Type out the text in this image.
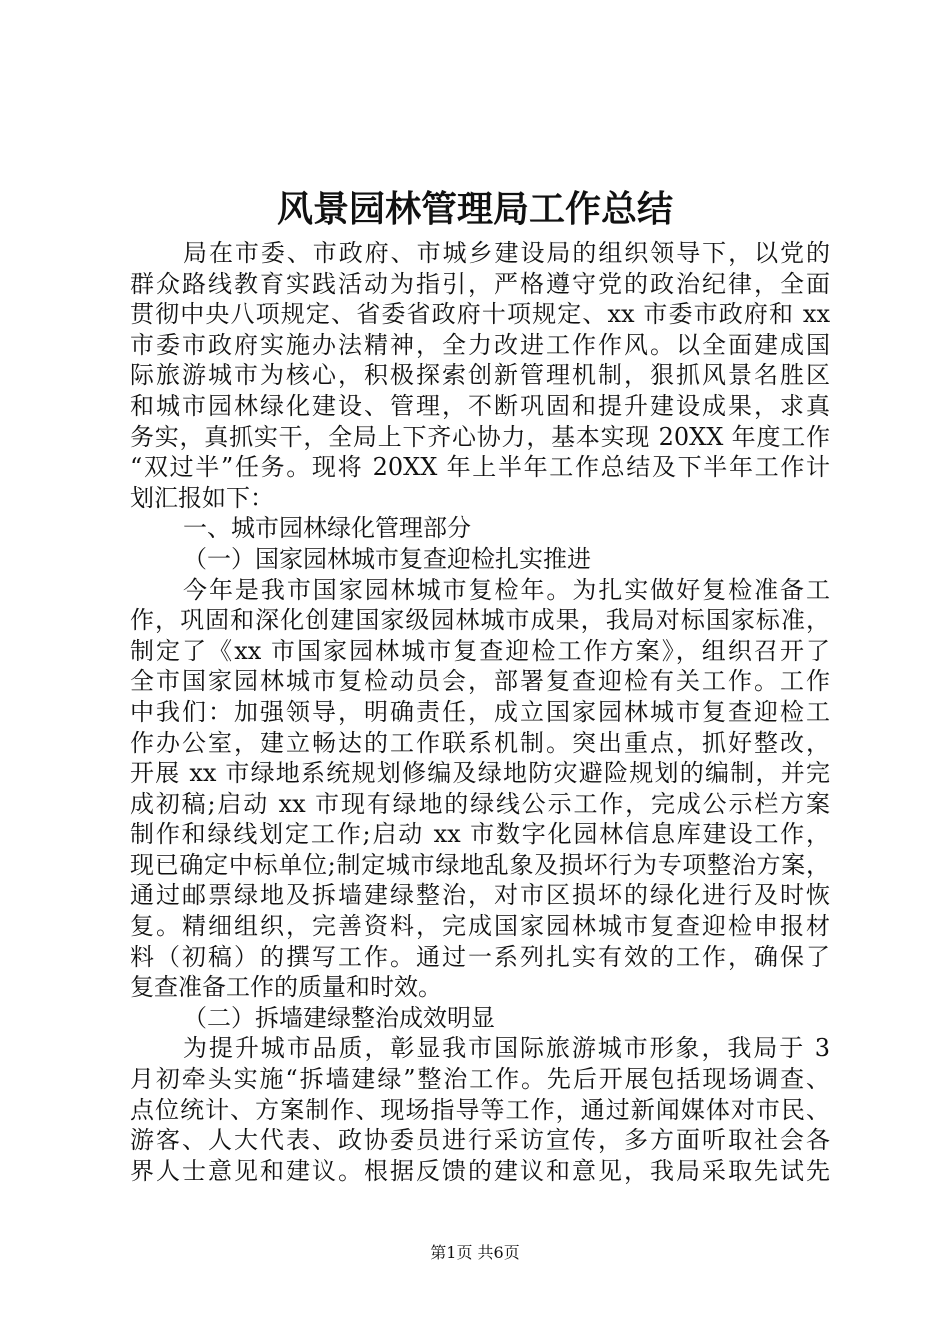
风景园林管理局工作总结
局在市委、市政府、市城乡建设局的组织领导下，以党的
群众路线教育实践活动为指引，严格遵守党的政治纪律，全面
贯彻中央八项规定、省委省政府十项规定、xx 市委市政府和 xx
市委市政府实施办法精神，全力改进工作作风。以全面建成国
际旅游城市为核心，积极探索创新管理机制，狠抓风景名胜区
和城市园林绿化建设、管理，不断巩固和提升建设成果，求真
务实，真抓实干，全局上下齐心协力，基本实现 20XX 年度工作
“双过半”任务。现将 20XX 年上半年工作总结及下半年工作计
划汇报如下：
一、城市园林绿化管理部分
（一）国家园林城市复查迎检扎实推进
今年是我市国家园林城市复检年。为扎实做好复检准备工
作，巩固和深化创建国家级园林城市成果，我局对标国家标准，
制定了《xx 市国家园林城市复查迎检工作方案》，组织召开了
全市国家园林城市复检动员会，部署复查迎检有关工作。工作
中我们：加强领导，明确责任，成立国家园林城市复查迎检工
作办公室，建立畅达的工作联系机制。突出重点，抓好整改，
开展 xx 市绿地系统规划修编及绿地防灾避险规划的编制，并完
成初稿;启动 xx 市现有绿地的绿线公示工作，完成公示栏方案
制作和绿线划定工作;启动 xx 市数字化园林信息库建设工作，
现已确定中标单位;制定城市绿地乱象及损坏行为专项整治方案，
通过邮票绿地及拆墙建绿整治，对市区损坏的绿化进行及时恢
复。精细组织，完善资料，完成国家园林城市复查迎检申报材
料（初稿）的撰写工作。通过一系列扎实有效的工作，确保了
复查准备工作的质量和时效。
（二）拆墙建绿整治成效明显
为提升城市品质，彰显我市国际旅游城市形象，我局于 3
月初牵头实施“拆墙建绿”整治工作。先后开展包括现场调查、
点位统计、方案制作、现场指导等工作，通过新闻媒体对市民、
游客、人大代表、政协委员进行采访宣传，多方面听取社会各
界人士意见和建议。根据反馈的建议和意见，我局采取先试先
第1页 共6页
